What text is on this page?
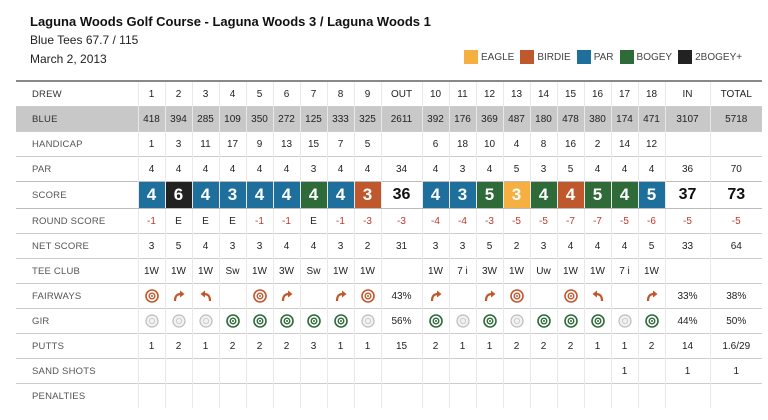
Laguna Woods Golf Course - Laguna Woods 3 / Laguna Woods 1
Blue Tees 67.7 / 115
March 2, 2013	EAGLE BIRDIE PAR BOGEY 2BOGEY+
DREW	1	2	3	4	5	6	7	8	9	OUT	10	11	12	13	14	15	16	17	18	IN	TOTAL
BLUE	418	394	285	109	350	272	125	333	325	2611	392	176	369	487	180	478	380	174	471	3107	5718
HANDICAP	1	3	11	17	9	13	15	7	5		6	18	10	4	8	16	2	14	12		
PAR	4	4	4	4	4	4	3	4	4	34	4	3	4	5	3	5	4	4	4	36	70
SCORE	4	6	4	3	4	4	4	4	3	36	4	3	5	3	4	4	5	4	5	37	73
ROUND SCORE	-1	E	E	E	-1	-1	E	-1	-3	-3	-4	-4	-3	-5	-5	-7	-7	-5	-6	-5	-5
NET SCORE	3	5	4	3	3	4	4	3	2	31	3	3	5	2	3	4	4	4	5	33	64
TEE CLUB	1W	1W	1W	Sw	1W	3W	Sw	1W	1W		1W	7 i	3W	1W	Uw	1W	1W	7 i	1W		
FAIRWAYS										43%										33%	38%
GIR										56%										44%	50%
PUTTS	1	2	1	2	2	2	3	1	1	15	2	1	1	2	2	2	1	1	2	14	1.6/29
SAND SHOTS																		1		1	1
PENALTIES																					
